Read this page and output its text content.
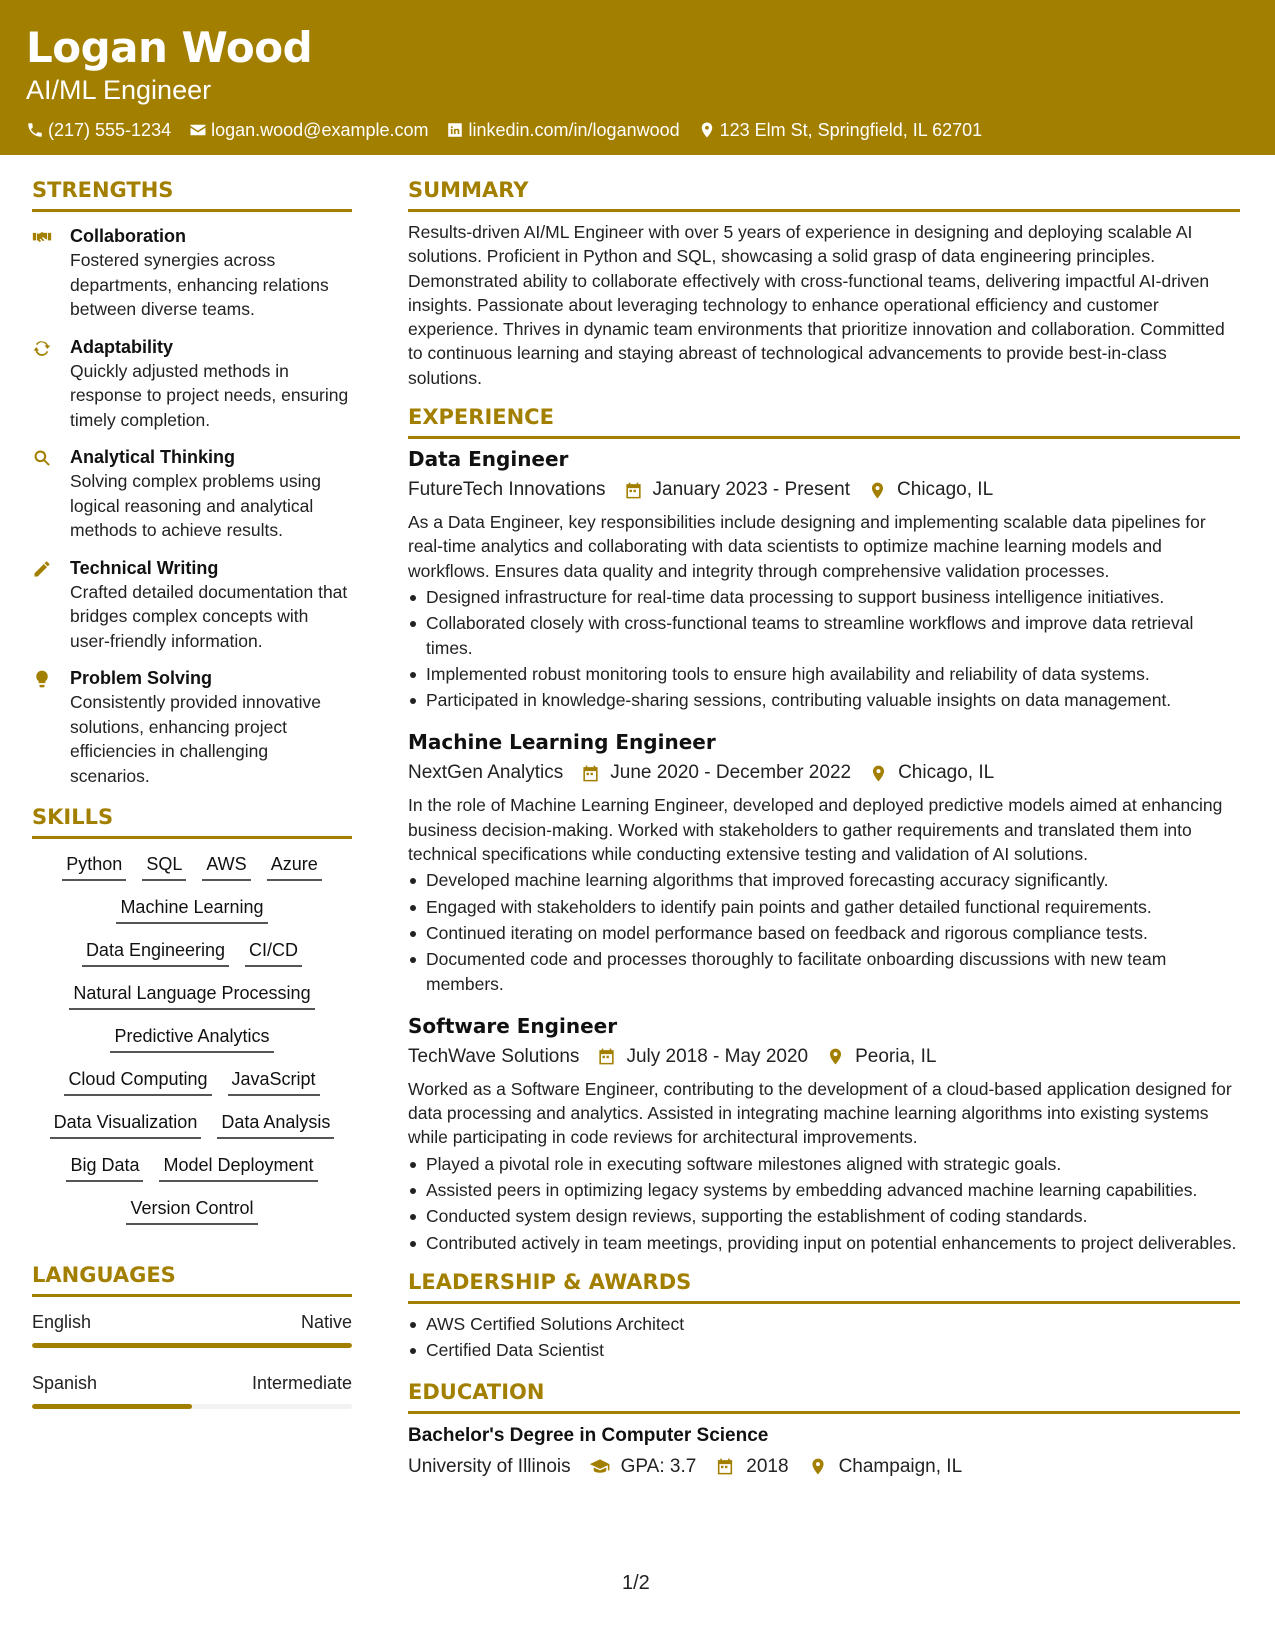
Logan Wood
AI/ML Engineer
(217) 555-1234 logan.wood@example.com linkedin.com/in/loganwood 123 Elm St, Springfield, IL 62701
STRENGTHS
Collaboration
Fostered synergies across departments, enhancing relations between diverse teams.
Adaptability
Quickly adjusted methods in response to project needs, ensuring timely completion.
Analytical Thinking
Solving complex problems using logical reasoning and analytical methods to achieve results.
Technical Writing
Crafted detailed documentation that bridges complex concepts with user-friendly information.
Problem Solving
Consistently provided innovative solutions, enhancing project efficiencies in challenging scenarios.
SKILLS
Python SQL AWS Azure
Machine Learning
Data Engineering CI/CD
Natural Language Processing
Predictive Analytics
Cloud Computing JavaScript
Data Visualization Data Analysis
Big Data Model Deployment
Version Control
LANGUAGES
English	Native
Spanish	Intermediate
SUMMARY
Results-driven AI/ML Engineer with over 5 years of experience in designing and deploying scalable AI solutions. Proficient in Python and SQL, showcasing a solid grasp of data engineering principles. Demonstrated ability to collaborate effectively with cross-functional teams, delivering impactful AI-driven insights. Passionate about leveraging technology to enhance operational efficiency and customer experience. Thrives in dynamic team environments that prioritize innovation and collaboration. Committed to continuous learning and staying abreast of technological advancements to provide best-in-class solutions.
EXPERIENCE
Data Engineer
FutureTech Innovations January 2023 - Present Chicago, IL
As a Data Engineer, key responsibilities include designing and implementing scalable data pipelines for real-time analytics and collaborating with data scientists to optimize machine learning models and workflows. Ensures data quality and integrity through comprehensive validation processes.
Designed infrastructure for real-time data processing to support business intelligence initiatives.
Collaborated closely with cross-functional teams to streamline workflows and improve data retrieval times.
Implemented robust monitoring tools to ensure high availability and reliability of data systems.
Participated in knowledge-sharing sessions, contributing valuable insights on data management.
Machine Learning Engineer
NextGen Analytics June 2020 - December 2022 Chicago, IL
In the role of Machine Learning Engineer, developed and deployed predictive models aimed at enhancing business decision-making. Worked with stakeholders to gather requirements and translated them into technical specifications while conducting extensive testing and validation of AI solutions.
Developed machine learning algorithms that improved forecasting accuracy significantly.
Engaged with stakeholders to identify pain points and gather detailed functional requirements.
Continued iterating on model performance based on feedback and rigorous compliance tests.
Documented code and processes thoroughly to facilitate onboarding discussions with new team members.
Software Engineer
TechWave Solutions July 2018 - May 2020 Peoria, IL
Worked as a Software Engineer, contributing to the development of a cloud-based application designed for data processing and analytics. Assisted in integrating machine learning algorithms into existing systems while participating in code reviews for architectural improvements.
Played a pivotal role in executing software milestones aligned with strategic goals.
Assisted peers in optimizing legacy systems by embedding advanced machine learning capabilities.
Conducted system design reviews, supporting the establishment of coding standards.
Contributed actively in team meetings, providing input on potential enhancements to project deliverables.
LEADERSHIP & AWARDS
AWS Certified Solutions Architect
Certified Data Scientist
EDUCATION
Bachelor's Degree in Computer Science
University of Illinois	GPA: 3.7	2018	Champaign, IL
1/2
